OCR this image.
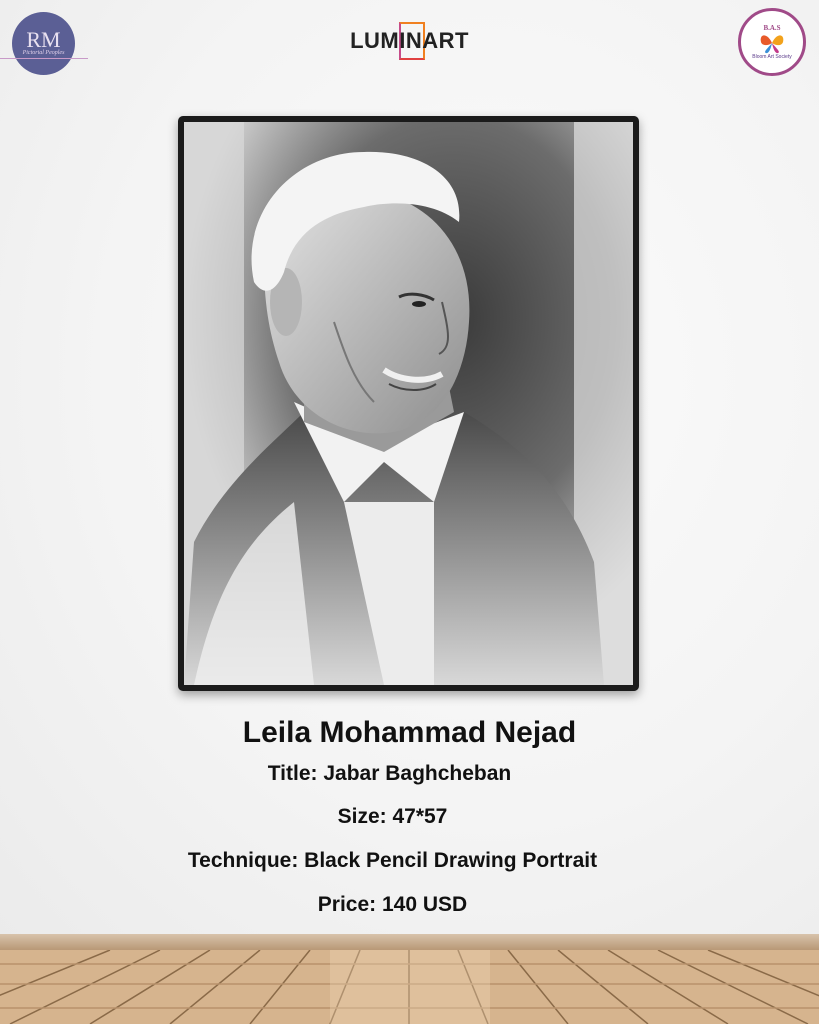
RM
Pictorial Peoples	LUMINART	B.A.S
Bloom Art Society
Leila Mohammad Nejad
Title: Jabar Baghcheban
Size: 47*57
Technique: Black Pencil Drawing Portrait
Price: 140 USD
